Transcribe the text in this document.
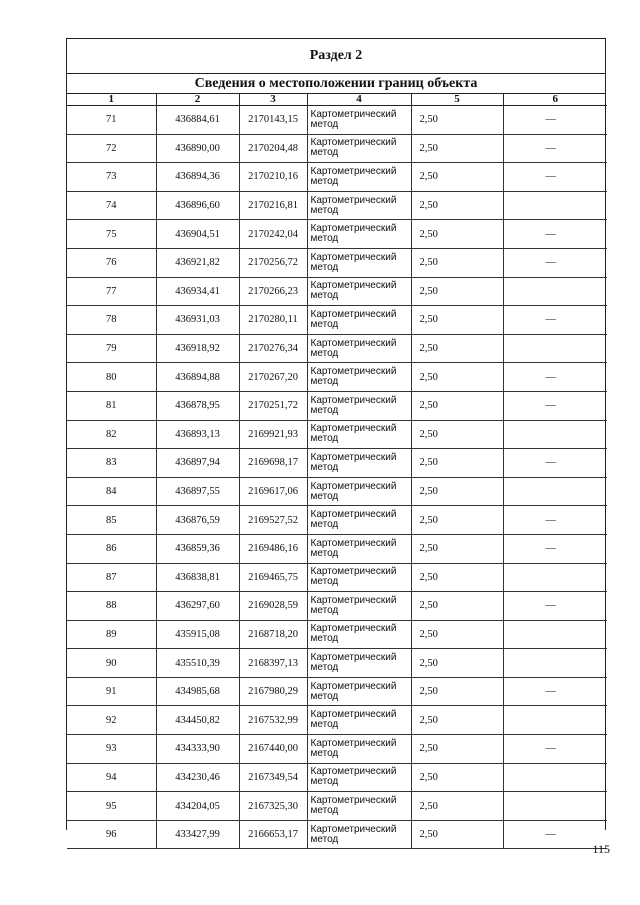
Раздел 2
Сведения о местоположении границ объекта
1	2	3	4	5	6
71	436884,61	2170143,15	Картометрический
метод	2,50	—
72	436890,00	2170204,48	Картометрический
метод	2,50	—
73	436894,36	2170210,16	Картометрический
метод	2,50	—
74	436896,60	2170216,81	Картометрический
метод	2,50	
75	436904,51	2170242,04	Картометрический
метод	2,50	—
76	436921,82	2170256,72	Картометрический
метод	2,50	—
77	436934,41	2170266,23	Картометрический
метод	2,50	
78	436931,03	2170280,11	Картометрический
метод	2,50	—
79	436918,92	2170276,34	Картометрический
метод	2,50	
80	436894,88	2170267,20	Картометрический
метод	2,50	—
81	436878,95	2170251,72	Картометрический
метод	2,50	—
82	436893,13	2169921,93	Картометрический
метод	2,50	
83	436897,94	2169698,17	Картометрический
метод	2,50	—
84	436897,55	2169617,06	Картометрический
метод	2,50	
85	436876,59	2169527,52	Картометрический
метод	2,50	—
86	436859,36	2169486,16	Картометрический
метод	2,50	—
87	436838,81	2169465,75	Картометрический
метод	2,50	
88	436297,60	2169028,59	Картометрический
метод	2,50	—
89	435915,08	2168718,20	Картометрический
метод	2,50	
90	435510,39	2168397,13	Картометрический
метод	2,50	
91	434985,68	2167980,29	Картометрический
метод	2,50	—
92	434450,82	2167532,99	Картометрический
метод	2,50	
93	434333,90	2167440,00	Картометрический
метод	2,50	—
94	434230,46	2167349,54	Картометрический
метод	2,50	
95	434204,05	2167325,30	Картометрический
метод	2,50	
96	433427,99	2166653,17	Картометрический
метод	2,50	—
115
